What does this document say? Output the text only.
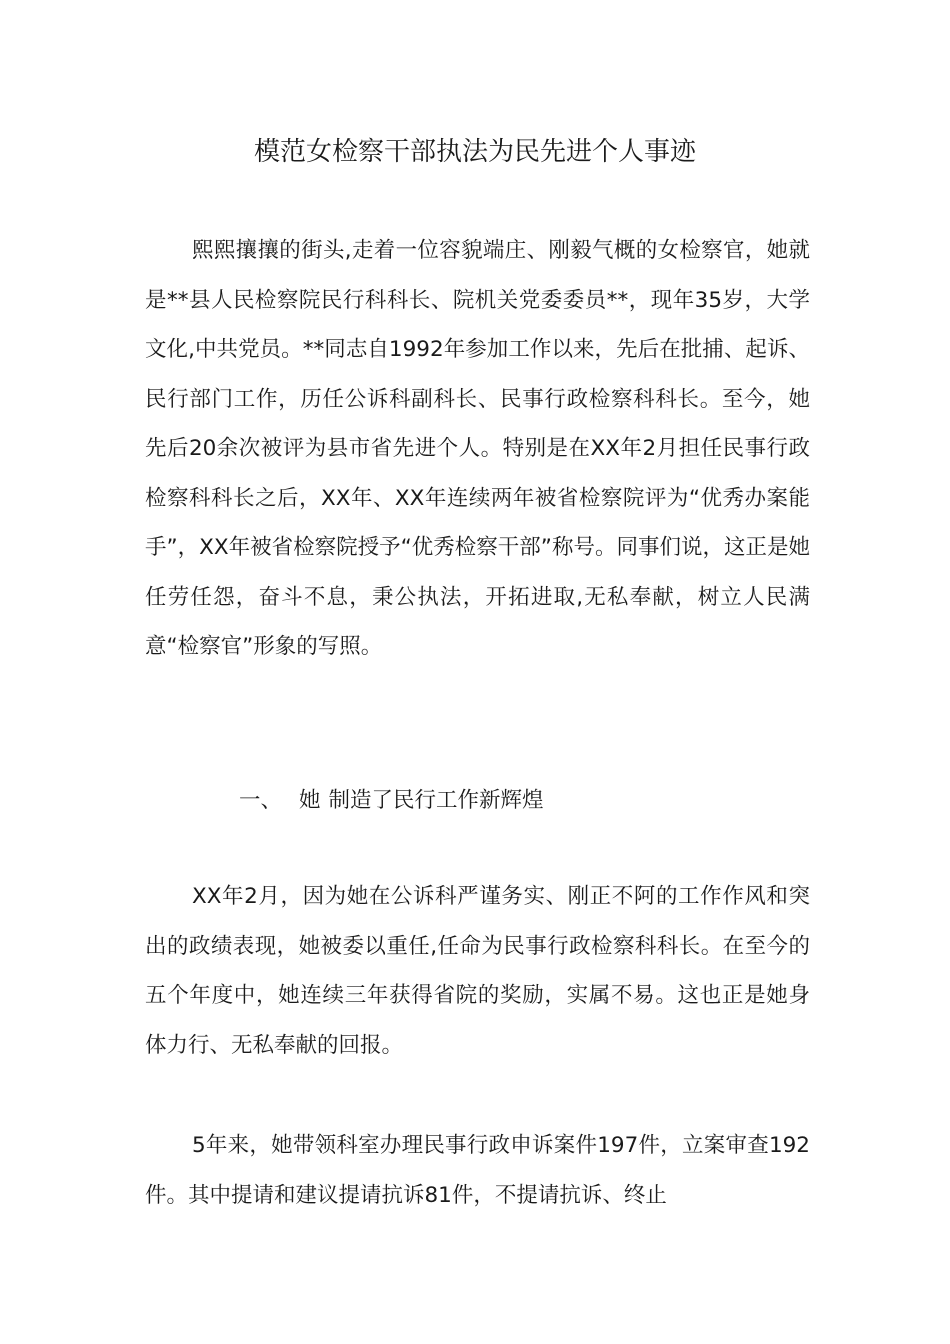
模范女检察干部执法为民先进个人事迹

熙熙攘攘的街头,走着一位容貌端庄、刚毅气概的女检察官，她就是**县人民检察院民行科科长、院机关党委委员**，现年35岁，大学文化,中共党员。**同志自1992年参加工作以来，先后在批捕、起诉、民行部门工作，历任公诉科副科长、民事行政检察科科长。至今，她先后20余次被评为县市省先进个人。特别是在XX年2月担任民事行政检察科科长之后，XX年、XX年连续两年被省检察院评为“优秀办案能手”，XX年被省检察院授予“优秀检察干部”称号。同事们说，这正是她任劳任怨，奋斗不息，秉公执法，开拓进取,无私奉献，树立人民满意“检察官”形象的写照。

一、 她 制造了民行工作新辉煌

XX年2月，因为她在公诉科严谨务实、刚正不阿的工作作风和突出的政绩表现，她被委以重任,任命为民事行政检察科科长。在至今的五个年度中，她连续三年获得省院的奖励，实属不易。这也正是她身体力行、无私奉献的回报。

5年来，她带领科室办理民事行政申诉案件197件，立案审查192件。其中提请和建议提请抗诉81件，不提请抗诉、终止
